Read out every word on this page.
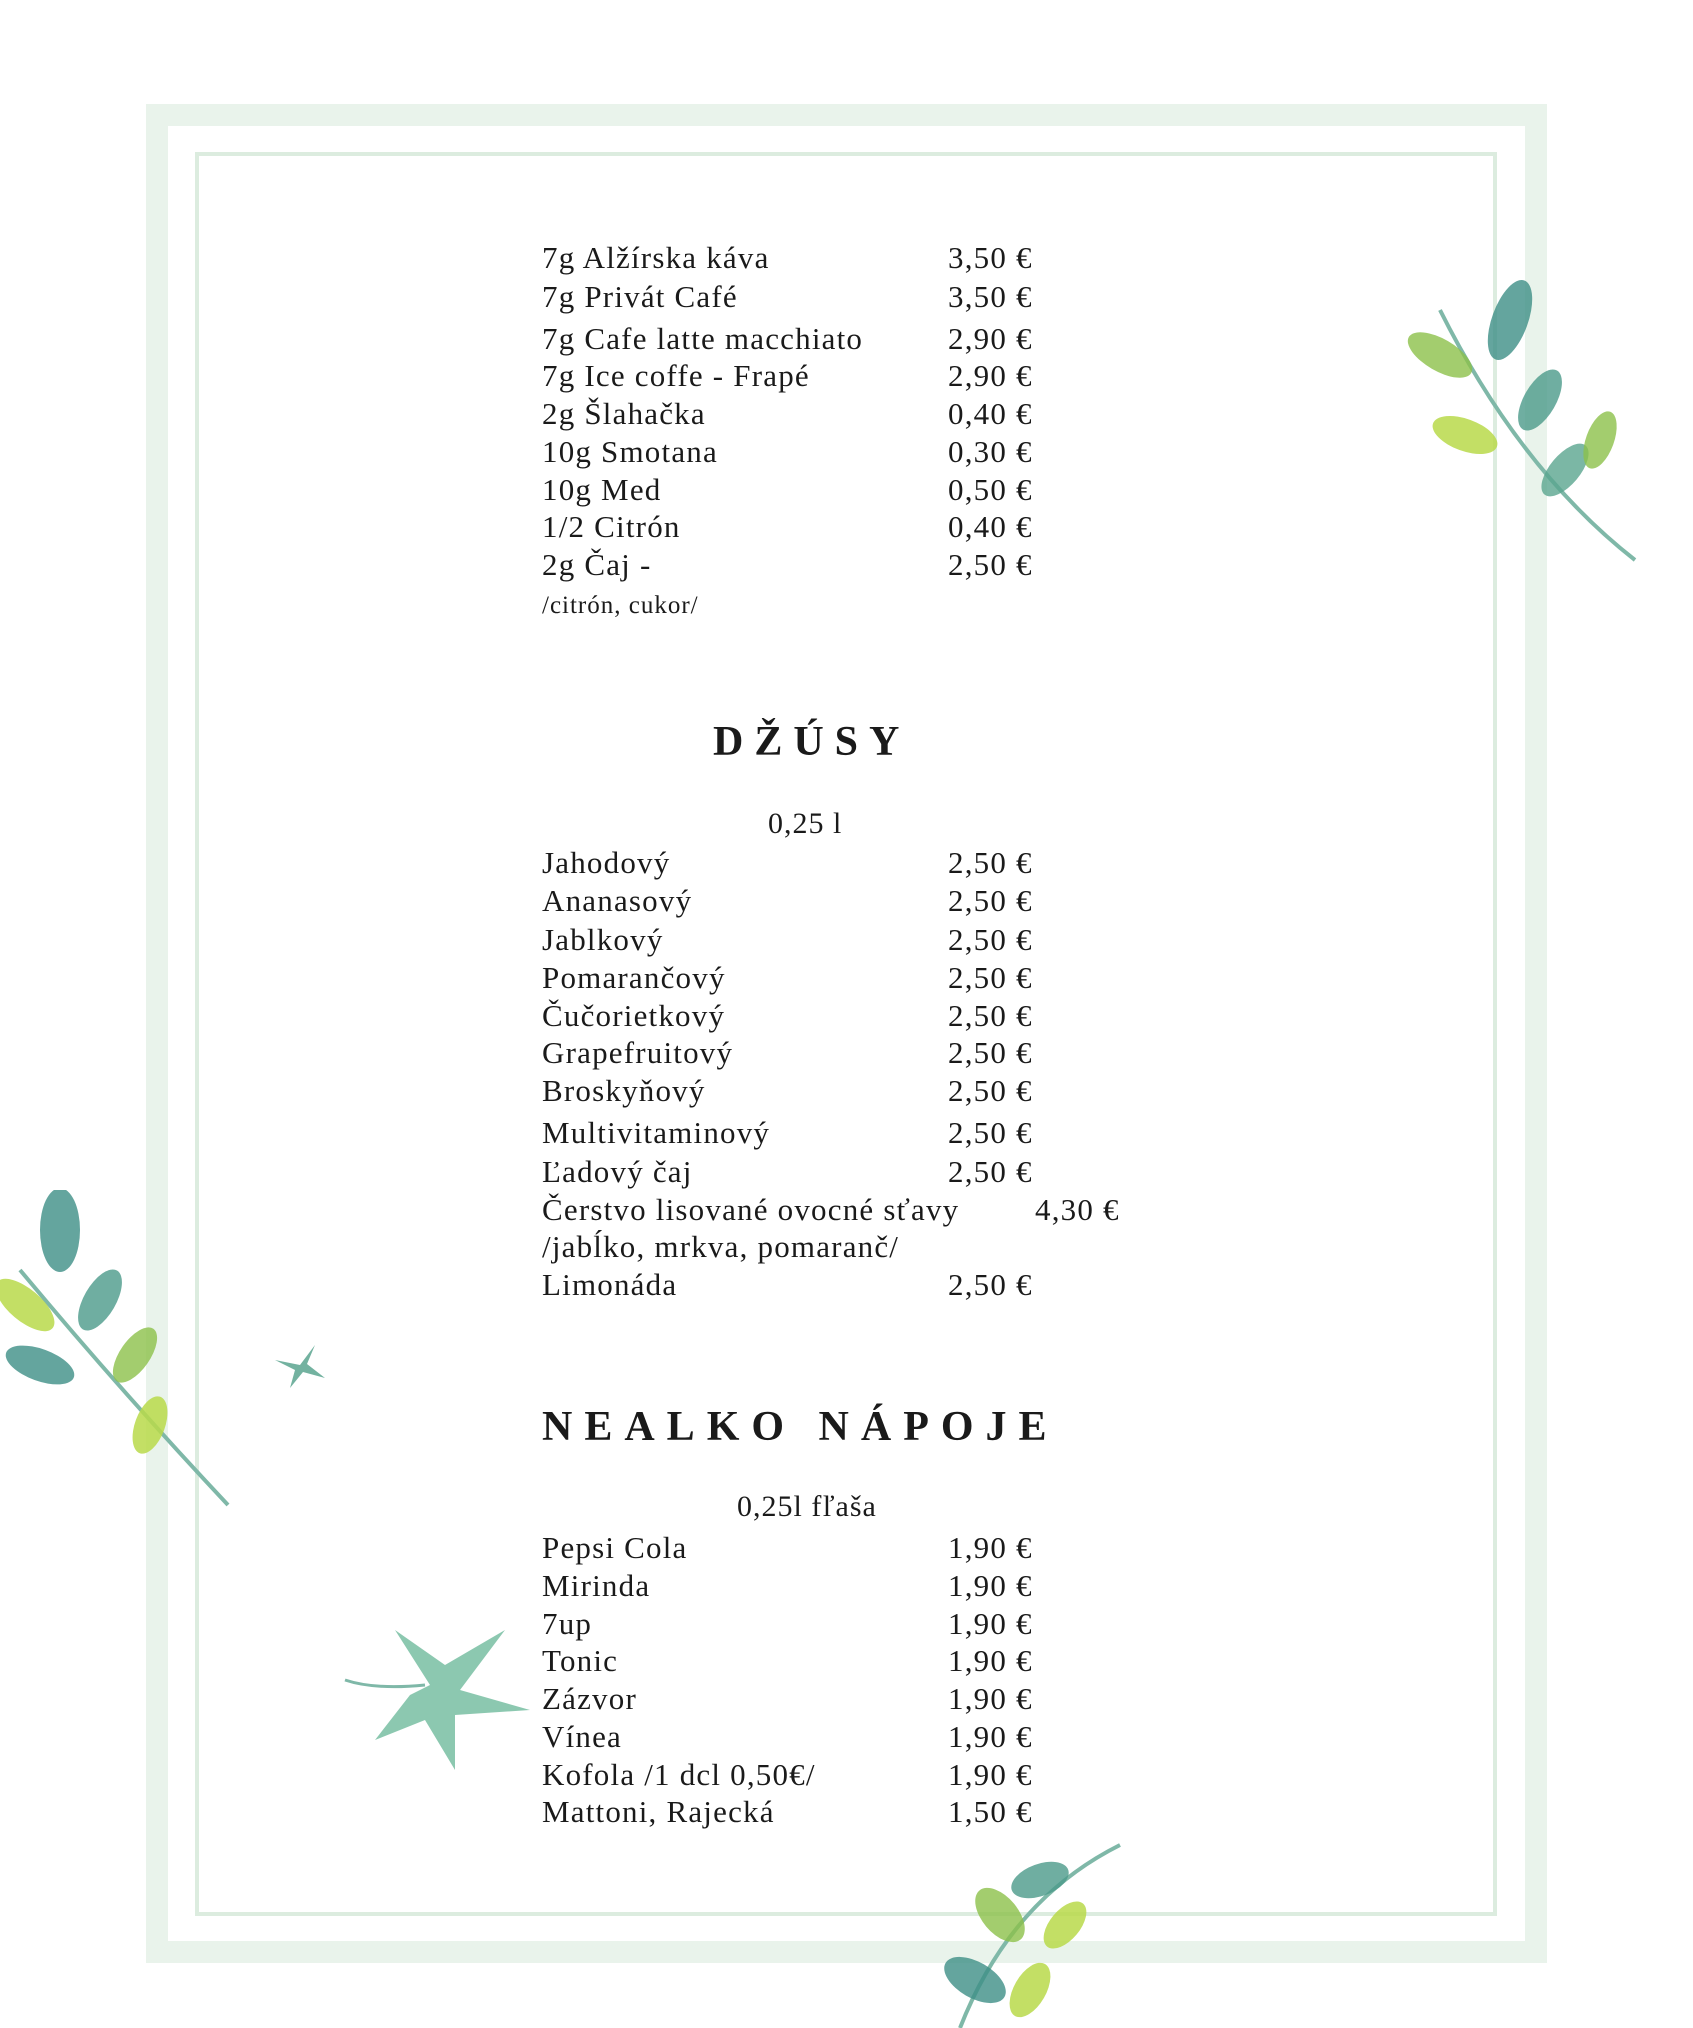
7g Alžírska káva	3,50 €
7g Privát Café	3,50 €
7g Cafe latte macchiato	2,90 €
7g Ice coffe - Frapé	2,90 €
2g Šlahačka	0,40 €
10g Smotana	0,30 €
10g Med	0,50 €
1/2 Citrón	0,40 €
2g Čaj -	2,50 €
/citrón, cukor/
DŽÚSY
0,25 l
Jahodový	2,50 €
Ananasový	2,50 €
Jablkový	2,50 €
Pomarančový	2,50 €
Čučorietkový	2,50 €
Grapefruitový	2,50 €
Broskyňový	2,50 €
Multivitaminový	2,50 €
Ľadový čaj	2,50 €
Čerstvo lisované ovocné sťavy 4,30 €
/jabĺko, mrkva, pomaranč/
Limonáda	2,50 €
NEALKO NÁPOJE
0,25l fľaša
Pepsi Cola	1,90 €
Mirinda	1,90 €
7up	1,90 €
Tonic	1,90 €
Zázvor	1,90 €
Vínea	1,90 €
Kofola /1 dcl 0,50€/	1,90 €
Mattoni, Rajecká	1,50 €
